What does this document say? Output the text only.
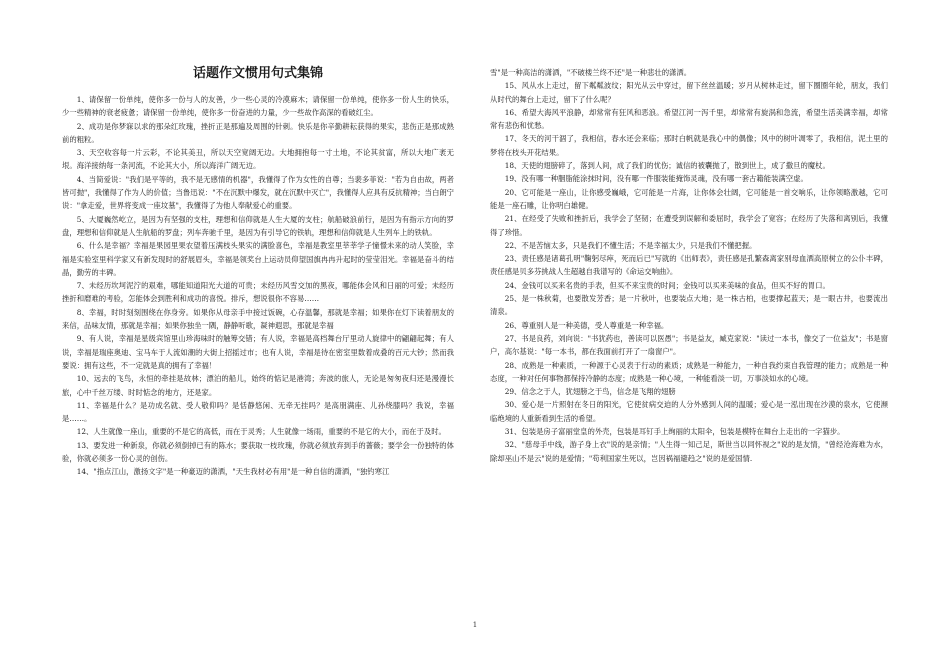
话题作文惯用句式集锦

1、请保留一份单纯，使你多一份与人的友善，少一些心灵的冷漠麻木；请保留一份单纯，使你多一份人生的快乐，少一些精神的衰老疲惫；请保留一份单纯，使你多一份奋进的力量，少一些故作高深的看破红尘。

2、成功是你梦寐以求的那朵红玫瑰，挫折正是那遍及周围的针刺。快乐是你辛勤耕耘获得的果实，悲伤正是那成熟前的粗粒。

3、天空收容每一片云彩，不论其美丑，所以天空宽阔无边。大地拥抱每一寸土地，不论其贫富，所以大地广袤无垠。海洋接纳每一条河流，不论其大小，所以海洋广阔无边。

4、当简爱说："我们是平等的，我不是无感情的机器"，我懂得了作为女性的自尊；当裴多菲说："若为自由故，两者皆可抛"，我懂得了作为人的价值；当鲁迅说："不在沉默中爆发，就在沉默中灭亡"，我懂得人应具有反抗精神；当白朗宁说："拿走爱，世界将变成一座坟墓"，我懂得了为他人奉献爱心的重要。

5、大厦巍然屹立，是因为有坚强的支柱，理想和信仰就是人生大厦的支柱；航船破浪前行，是因为有指示方向的罗盘，理想和信仰就是人生航船的罗盘；列车奔驰千里，是因为有引导它的铁轨，理想和信仰就是人生列车上的铁轨。

6、什么是幸福？幸福是果园里果农望着压满枝头果实的满脸喜色，幸福是教室里莘莘学子憧憬未来的动人笑脸，幸福是实验室里科学家又有新发现时的舒展眉头，幸福是领奖台上运动员仰望国旗冉冉升起时的莹莹泪光。幸福是奋斗的结晶，勤劳的丰碑。

7、未经历坎坷泥泞的艰难，哪能知道阳光大道的可贵；未经历风雪交加的黑夜，哪能体会风和日丽的可爱；未经历挫折和磨难的考验，怎能体会到胜利和成功的喜悦。排斥，想说很你不容易……

8、幸福，时时刻刻围绕在你身旁。如果你从母亲手中接过饭碗，心存温馨，那就是幸福；如果你在灯下读着朋友的来信，品味友情，那就是幸福；如果你独坐一隅，静静听歌，凝神遐思，那就是幸福

9、有人说，幸福是星级宾馆里山珍海味时的触筹交错；有人说，幸福是高档舞台厅里动人旋律中的翩翩起舞；有人说，幸福是瑞座奥迪、宝马车于人流如潮的大街上招摇过市；也有人说，幸福是待在密室里数着成叠的百元大钞；然而我要说：拥有这些，不一定就是真的拥有了幸福！

10、远去的飞鸟，永恒的牵挂是故林；漂泊的船儿，始终的惦记是港湾；奔波的旅人，无论是匆匆夜归还是漫漫长旅，心中千丝万缕、时时惦念的地方，还是家。

11、幸福是什么？是功成名就、受人敬仰吗？是恬静悠闲、无牵无挂吗？是高朋满座、儿孙绕膝吗？我说，幸福是……。

12、人生就像一座山，重要的不是它的高低，而在于灵秀；人生就像一场雨，重要的不是它的大小，而在于及时。

13、要发进一种新泉，你就必须倒掉已有的陈水；要获取一枝玫瑰，你就必须放弃到手的蔷薇；要学会一份独特的体验，你就必须多一份心灵的创伤。

14、"指点江山，激扬文字"是一种豪迈的潇洒，"天生我材必有用"是一种自信的潇洒，"独钓寒江

雪"是一种高洁的潇洒，"不破楼兰终不还"是一种悲壮的潇洒。

15、风从水上走过，留下粼粼波纹；阳光从云中穿过，留下丝丝温暖；岁月从树林走过，留下圈圈年轮，朋友，我们从时代的舞台上走过，留下了什么呢？

16、希望大海风平浪静，却常常有狂风和恶浪。希望江河一泻千里，却常常有旋涡和急流，希望生活美满幸福，却常常有悲伤和忧愁。

17、冬天的河干涸了，我相信，春水还会来临；那时白帆就是我心中的偶像；风中的树叶凋零了，我相信，泥土里的梦将在枝头开花结果。

18、天使的翅膀碎了，落到人间，成了我们的忧伤；诚信的被囊抛了，散到世上，成了撒旦的魔杖。

19、没有哪一种胭脂能涂抹时间，没有哪一件服装能掩饰灵魂，没有哪一套古籍能装满空虚。

20、它可能是一座山，让你感受巍峨，它可能是一片海，让你体会壮阔，它可能是一首交响乐，让你领略激越，它可能是一座石雕，让你明白雄健。

21、在经受了失败和挫折后，我学会了坚韧；在遭受到误解和委屈时，我学会了宽容；在经历了失落和离别后，我懂得了珍惜。

22、不是苦恼太多，只是我们不懂生活；不是幸福太少，只是我们不懂把握。

23、责任感是诸葛孔明"鞠躬尽瘁，死而后已"写就的《出师表》，责任感是孔繁森离家别母血洒高原树立的公仆丰碑，责任感是贝多芬挑战人生超越自我谱写的《命运交响曲》。

24、金钱可以买来名贵的手表，但买不来宝贵的时间；金钱可以买来美味的食品，但买不好的胃口。

25、是一株秋菊，也要散发芳香；是一片秋叶，也要装点大地；是一株古柏，也要撑起蓝天；是一眼古井，也要流出清泉。

26、尊重别人是一种美德，受人尊重是一种幸福。

27、书是良药，刘向说："书犹药也，善读可以医愚"；书是益友，臧克家说："读过一本书，像交了一位益友"；书是窗户，高尔基说："每一本书，都在我面前打开了一扇窗户"。

28、成熟是一种素质，一种源于心灵表于行动的素质；成熟是一种能力，一种自我约束自我管理的能力；成熟是一种态度，一种对任何事物都保持冷静的态度；成熟是一种心境，一种能看淡一切，万事淡如水的心境。

29、信念之于人，犹翅膀之于鸟，信念是飞翔的翅膀

30、爱心是一片照射在冬日的阳光，它使贫病交迫的人分外感到人间的温暖；爱心是一泓出现在沙漠的泉水，它使濒临绝境的人重新看到生活的希望。

31、包装是房子富丽堂皇的外壳，包装是耳钉手上绚丽的太阳伞，包装是模特在舞台上走出的一字猫步。

32、"慈母手中线，游子身上衣"说的是亲情；"人生得一知己足，斯世当以同怀视之"说的是友情，"曾经沧海难为水，除却巫山不是云"说的是爱情；"苟利国家生死以，岂因祸福避趋之"说的是爱国情.

1
